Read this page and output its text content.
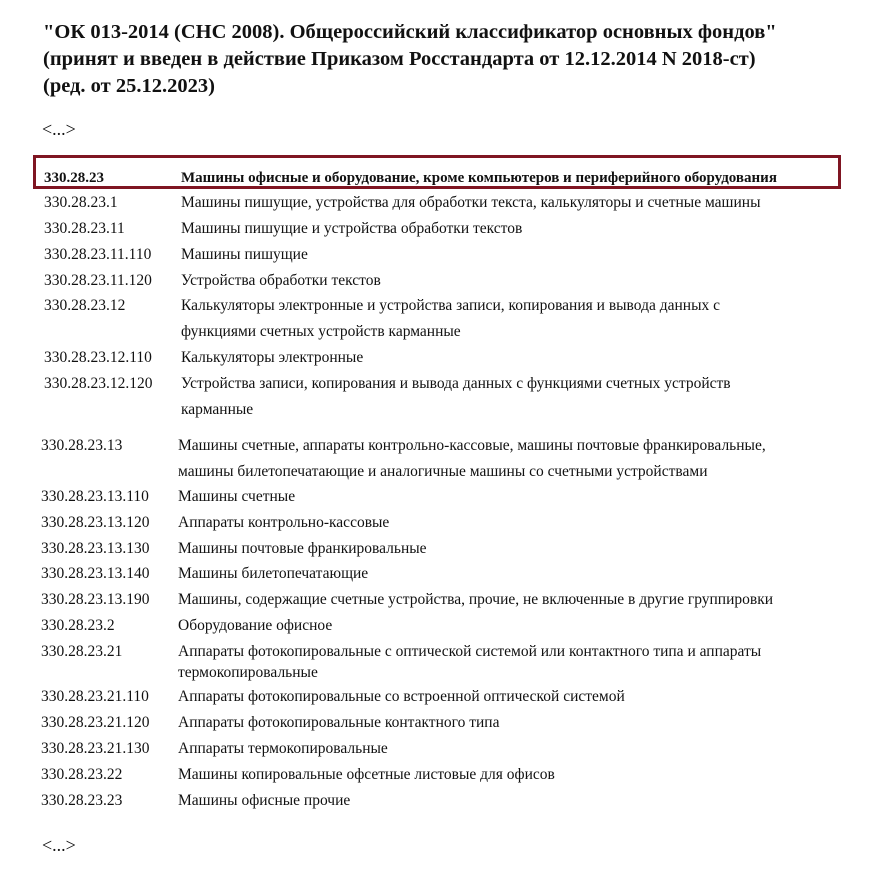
"ОК 013-2014 (СНС 2008). Общероссийский классификатор основных фондов"
(принят и введен в действие Приказом Росстандарта от 12.12.2014 N 2018-ст)
(ред. от 25.12.2023)
<...>
330.28.23	Машины офисные и оборудование, кроме компьютеров и периферийного оборудования
330.28.23.1	Машины пишущие, устройства для обработки текста, калькуляторы и счетные машины
330.28.23.11	Машины пишущие и устройства обработки текстов
330.28.23.11.110 Машины пишущие
330.28.23.11.120 Устройства обработки текстов
330.28.23.12	Калькуляторы электронные и устройства записи, копирования и вывода данных с
функциями счетных устройств карманные
330.28.23.12.110 Калькуляторы электронные
330.28.23.12.120 Устройства записи, копирования и вывода данных с функциями счетных устройств
карманные
330.28.23.13	Машины счетные, аппараты контрольно-кассовые, машины почтовые франкировальные,
машины билетопечатающие и аналогичные машины со счетными устройствами
330.28.23.13.110 Машины счетные
330.28.23.13.120 Аппараты контрольно-кассовые
330.28.23.13.130 Машины почтовые франкировальные
330.28.23.13.140 Машины билетопечатающие
330.28.23.13.190 Машины, содержащие счетные устройства, прочие, не включенные в другие группировки
330.28.23.2	Оборудование офисное
330.28.23.21	Аппараты фотокопировальные с оптической системой или контактного типа и аппараты
термокопировальные
330.28.23.21.110 Аппараты фотокопировальные со встроенной оптической системой
330.28.23.21.120 Аппараты фотокопировальные контактного типа
330.28.23.21.130 Аппараты термокопировальные
330.28.23.22	Машины копировальные офсетные листовые для офисов
330.28.23.23	Машины офисные прочие
<...>
